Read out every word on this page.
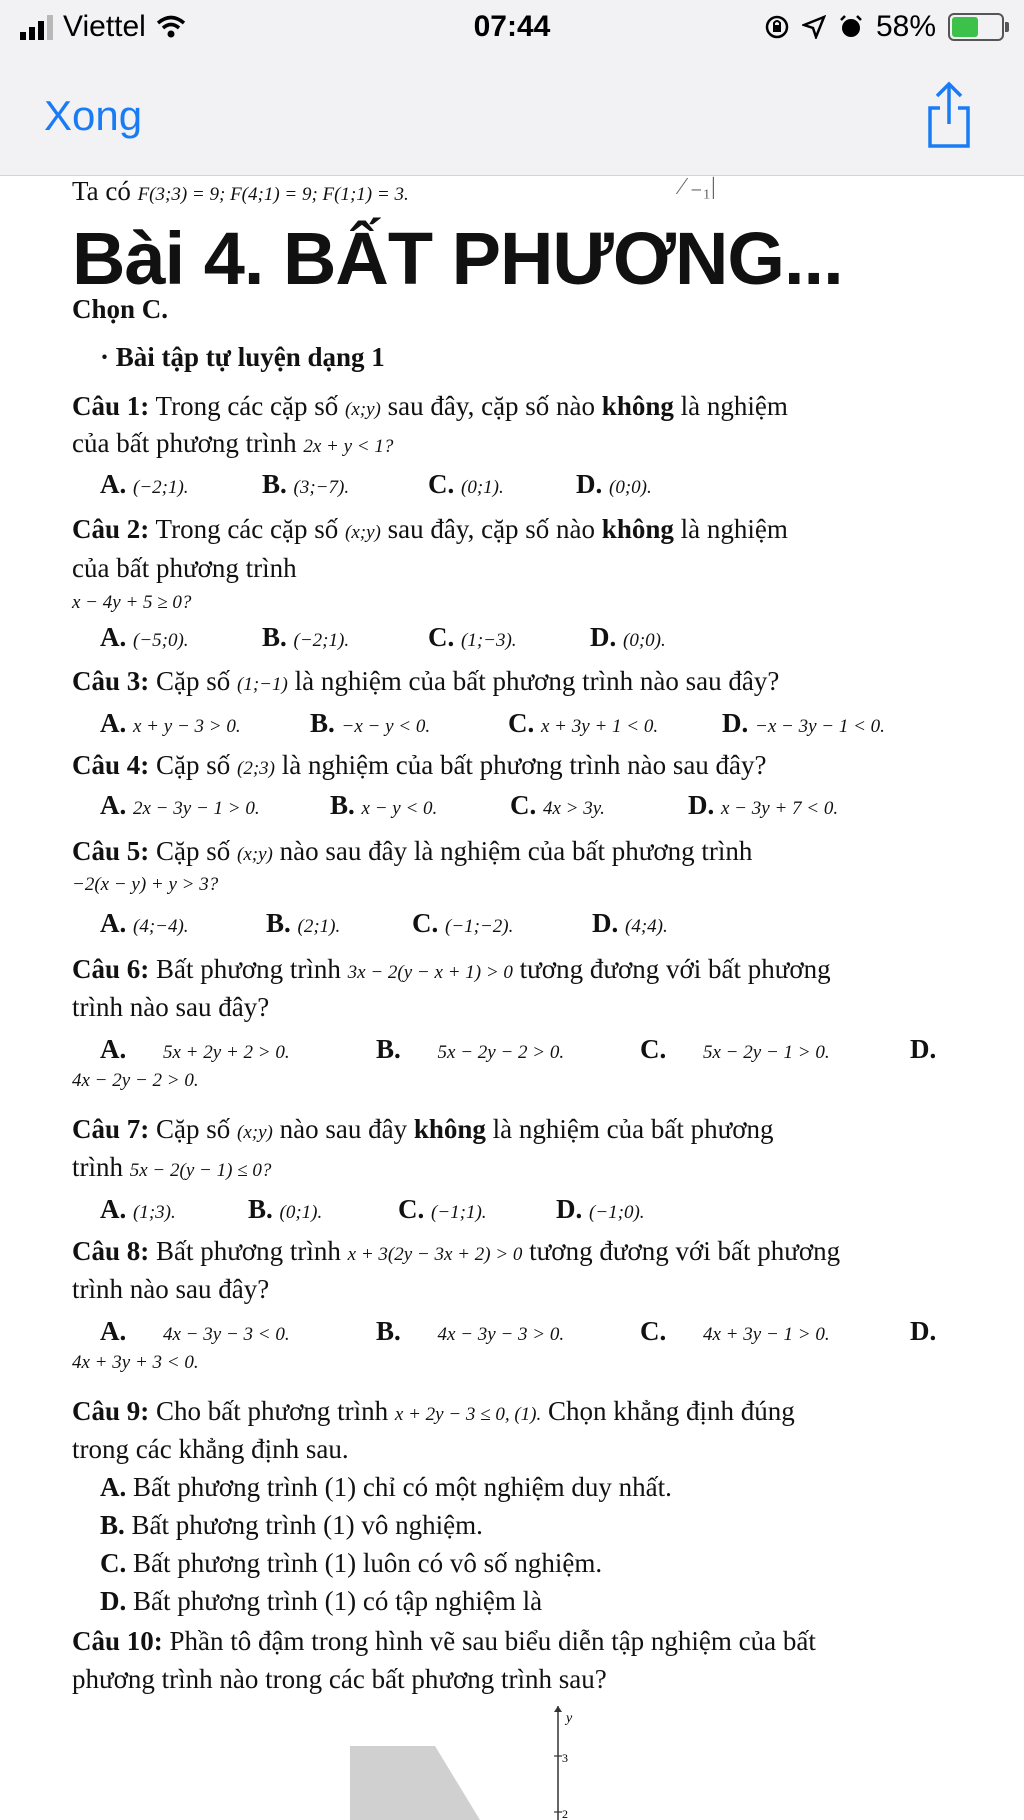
Viettel	07:44	58%
Xong
Ta có F(3;3) = 9; F(4;1) = 9; F(1;1) = 3.	⁄ ₋₁|
Bài 4. BẤT PHƯƠNG...
Chọn C.
· Bài tập tự luyện dạng 1
Câu 1: Trong các cặp số (x;y) sau đây, cặp số nào không là nghiệm
của bất phương trình 2x + y < 1?
A. (−2;1).	B. (3;−7).	C. (0;1).	D. (0;0).
Câu 2: Trong các cặp số (x;y) sau đây, cặp số nào không là nghiệm
của bất phương trình
x − 4y + 5 ≥ 0?
A. (−5;0).	B. (−2;1).	C. (1;−3).	D. (0;0).
Câu 3: Cặp số (1;−1) là nghiệm của bất phương trình nào sau đây?
A. x + y − 3 > 0.	B. −x − y < 0.	C. x + 3y + 1 < 0. D. −x − 3y − 1 < 0.
Câu 4: Cặp số (2;3) là nghiệm của bất phương trình nào sau đây?
A. 2x − 3y − 1 > 0.	B. x − y < 0.	C. 4x > 3y.	D. x − 3y + 7 < 0.
Câu 5: Cặp số (x;y) nào sau đây là nghiệm của bất phương trình
−2(x − y) + y > 3?
A. (4;−4).	B. (2;1).	C. (−1;−2).	D. (4;4).
Câu 6: Bất phương trình 3x − 2(y − x + 1) > 0 tương đương với bất phương
trình nào sau đây?
A. 5x + 2y + 2 > 0.	B. 5x − 2y − 2 > 0.	C. 5x − 2y − 1 > 0.	D.
4x − 2y − 2 > 0.
Câu 7: Cặp số (x;y) nào sau đây không là nghiệm của bất phương
trình 5x − 2(y − 1) ≤ 0?
A. (1;3).	B. (0;1).	C. (−1;1).	D. (−1;0).
Câu 8: Bất phương trình x + 3(2y − 3x + 2) > 0 tương đương với bất phương
trình nào sau đây?
A. 4x − 3y − 3 < 0.	B. 4x − 3y − 3 > 0.	C. 4x + 3y − 1 > 0.	D.
4x + 3y + 3 < 0.
Câu 9: Cho bất phương trình x + 2y − 3 ≤ 0, (1). Chọn khẳng định đúng
trong các khẳng định sau.
A. Bất phương trình (1) chỉ có một nghiệm duy nhất.
B. Bất phương trình (1) vô nghiệm.
C. Bất phương trình (1) luôn có vô số nghiệm.
D. Bất phương trình (1) có tập nghiệm là
Câu 10: Phần tô đậm trong hình vẽ sau biểu diễn tập nghiệm của bất
phương trình nào trong các bất phương trình sau?
y
3
2
